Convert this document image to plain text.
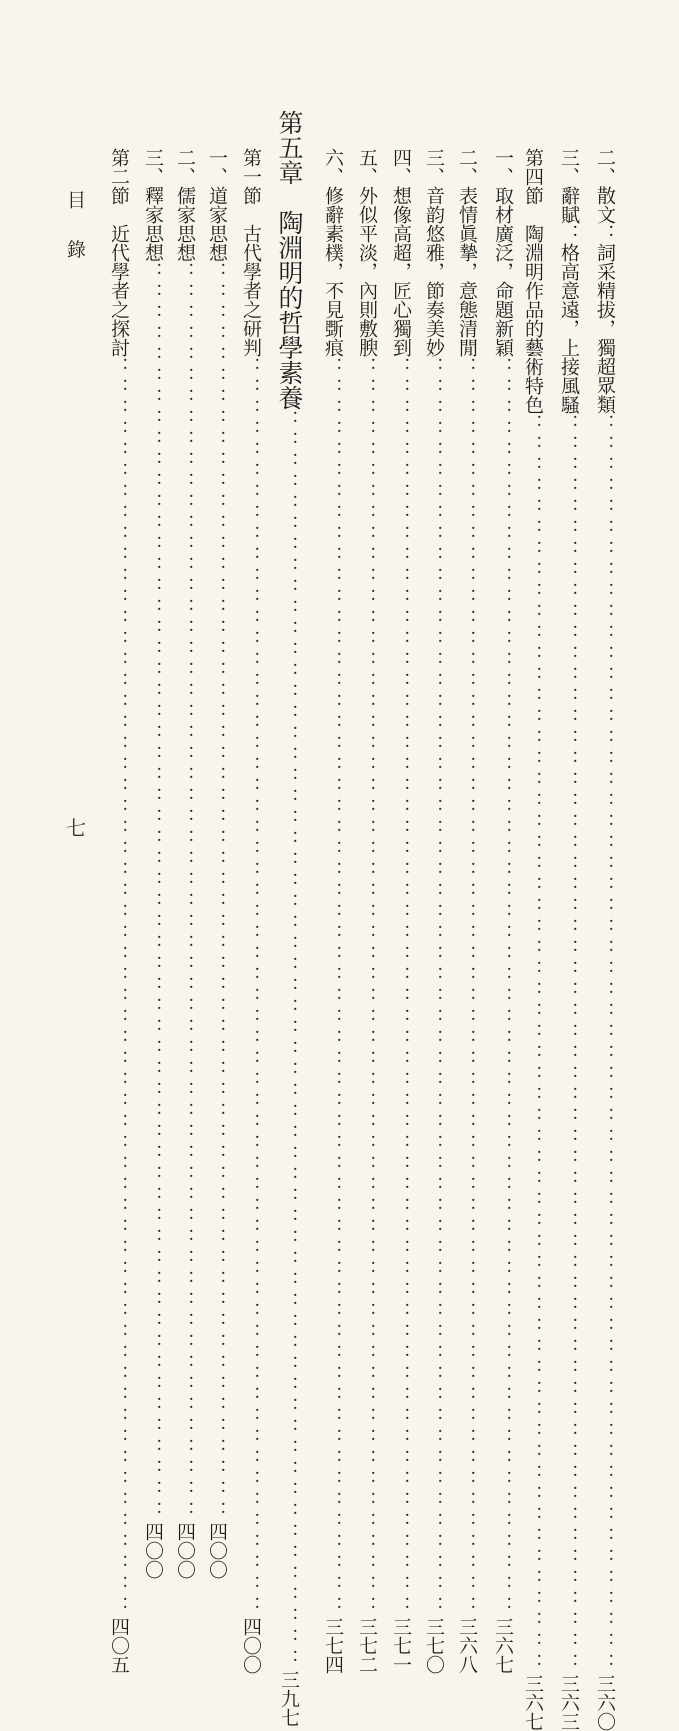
二、散文：詞采精拔，獨超眾類
：：：：：：：：：：：：：：：：：：：：：：：：：：：：：：：：：：：：：：：：：：：：：：：：：：：：：：：：：：：：
三六〇
三、辭賦：格高意遠，上接風騷
：：：：：：：：：：：：：：：：：：：：：：：：：：：：：：：：：：：：：：：：：：：：：：：：：：：：：：：：：：：：
三六三
第四節　陶淵明作品的藝術特色
：：：：：：：：：：：：：：：：：：：：：：：：：：：：：：：：：：：：：：：：：：：：：：：：：：：：：：：：：：：：
三六七
一、取材廣泛，命題新穎
：：：：：：：：：：：：：：：：：：：：：：：：：：：：：：：：：：：：：：：：：：：：：：：：：：：：：：：：：：：：
三六七
二、表情眞摯，意態清閒
：：：：：：：：：：：：：：：：：：：：：：：：：：：：：：：：：：：：：：：：：：：：：：：：：：：：：：：：：：：：
三六八
三、音韵悠雅，節奏美妙
：：：：：：：：：：：：：：：：：：：：：：：：：：：：：：：：：：：：：：：：：：：：：：：：：：：：：：：：：：：：
三七〇
四、想像高超，匠心獨到
：：：：：：：：：：：：：：：：：：：：：：：：：：：：：：：：：：：：：：：：：：：：：：：：：：：：：：：：：：：：
三七一
五、外似平淡，內則敷腴
：：：：：：：：：：：：：：：：：：：：：：：：：：：：：：：：：：：：：：：：：：：：：：：：：：：：：：：：：：：：
三七二
六、修辭素樸，不見斲痕
：：：：：：：：：：：：：：：：：：：：：：：：：：：：：：：：：：：：：：：：：：：：：：：：：：：：：：：：：：：：
三七四
第五章　陶淵明的哲學素養
：：：：：：：：：：：：：：：：：：：：：：：：：：：：：：：：：：：：：：：：：：：：：：：：：：：：：：：：：：：：
三九七
第一節　古代學者之研判
：：：：：：：：：：：：：：：：：：：：：：：：：：：：：：：：：：：：：：：：：：：：：：：：：：：：：：：：：：：：
四〇〇
一、道家思想
：：：：：：：：：：：：：：：：：：：：：：：：：：：：：：：：：：：：：：：：：：：：：：：：：：：：：：：：：：：：
四〇〇
二、儒家思想
：：：：：：：：：：：：：：：：：：：：：：：：：：：：：：：：：：：：：：：：：：：：：：：：：：：：：：：：：：：：
四〇〇
三、釋家思想
：：：：：：：：：：：：：：：：：：：：：：：：：：：：：：：：：：：：：：：：：：：：：：：：：：：：：：：：：：：：
四〇〇
第二節　近代學者之探討
：：：：：：：：：：：：：：：：：：：：：：：：：：：：：：：：：：：：：：：：：：：：：：：：：：：：：：：：：：：：
四〇五
目 錄
七
